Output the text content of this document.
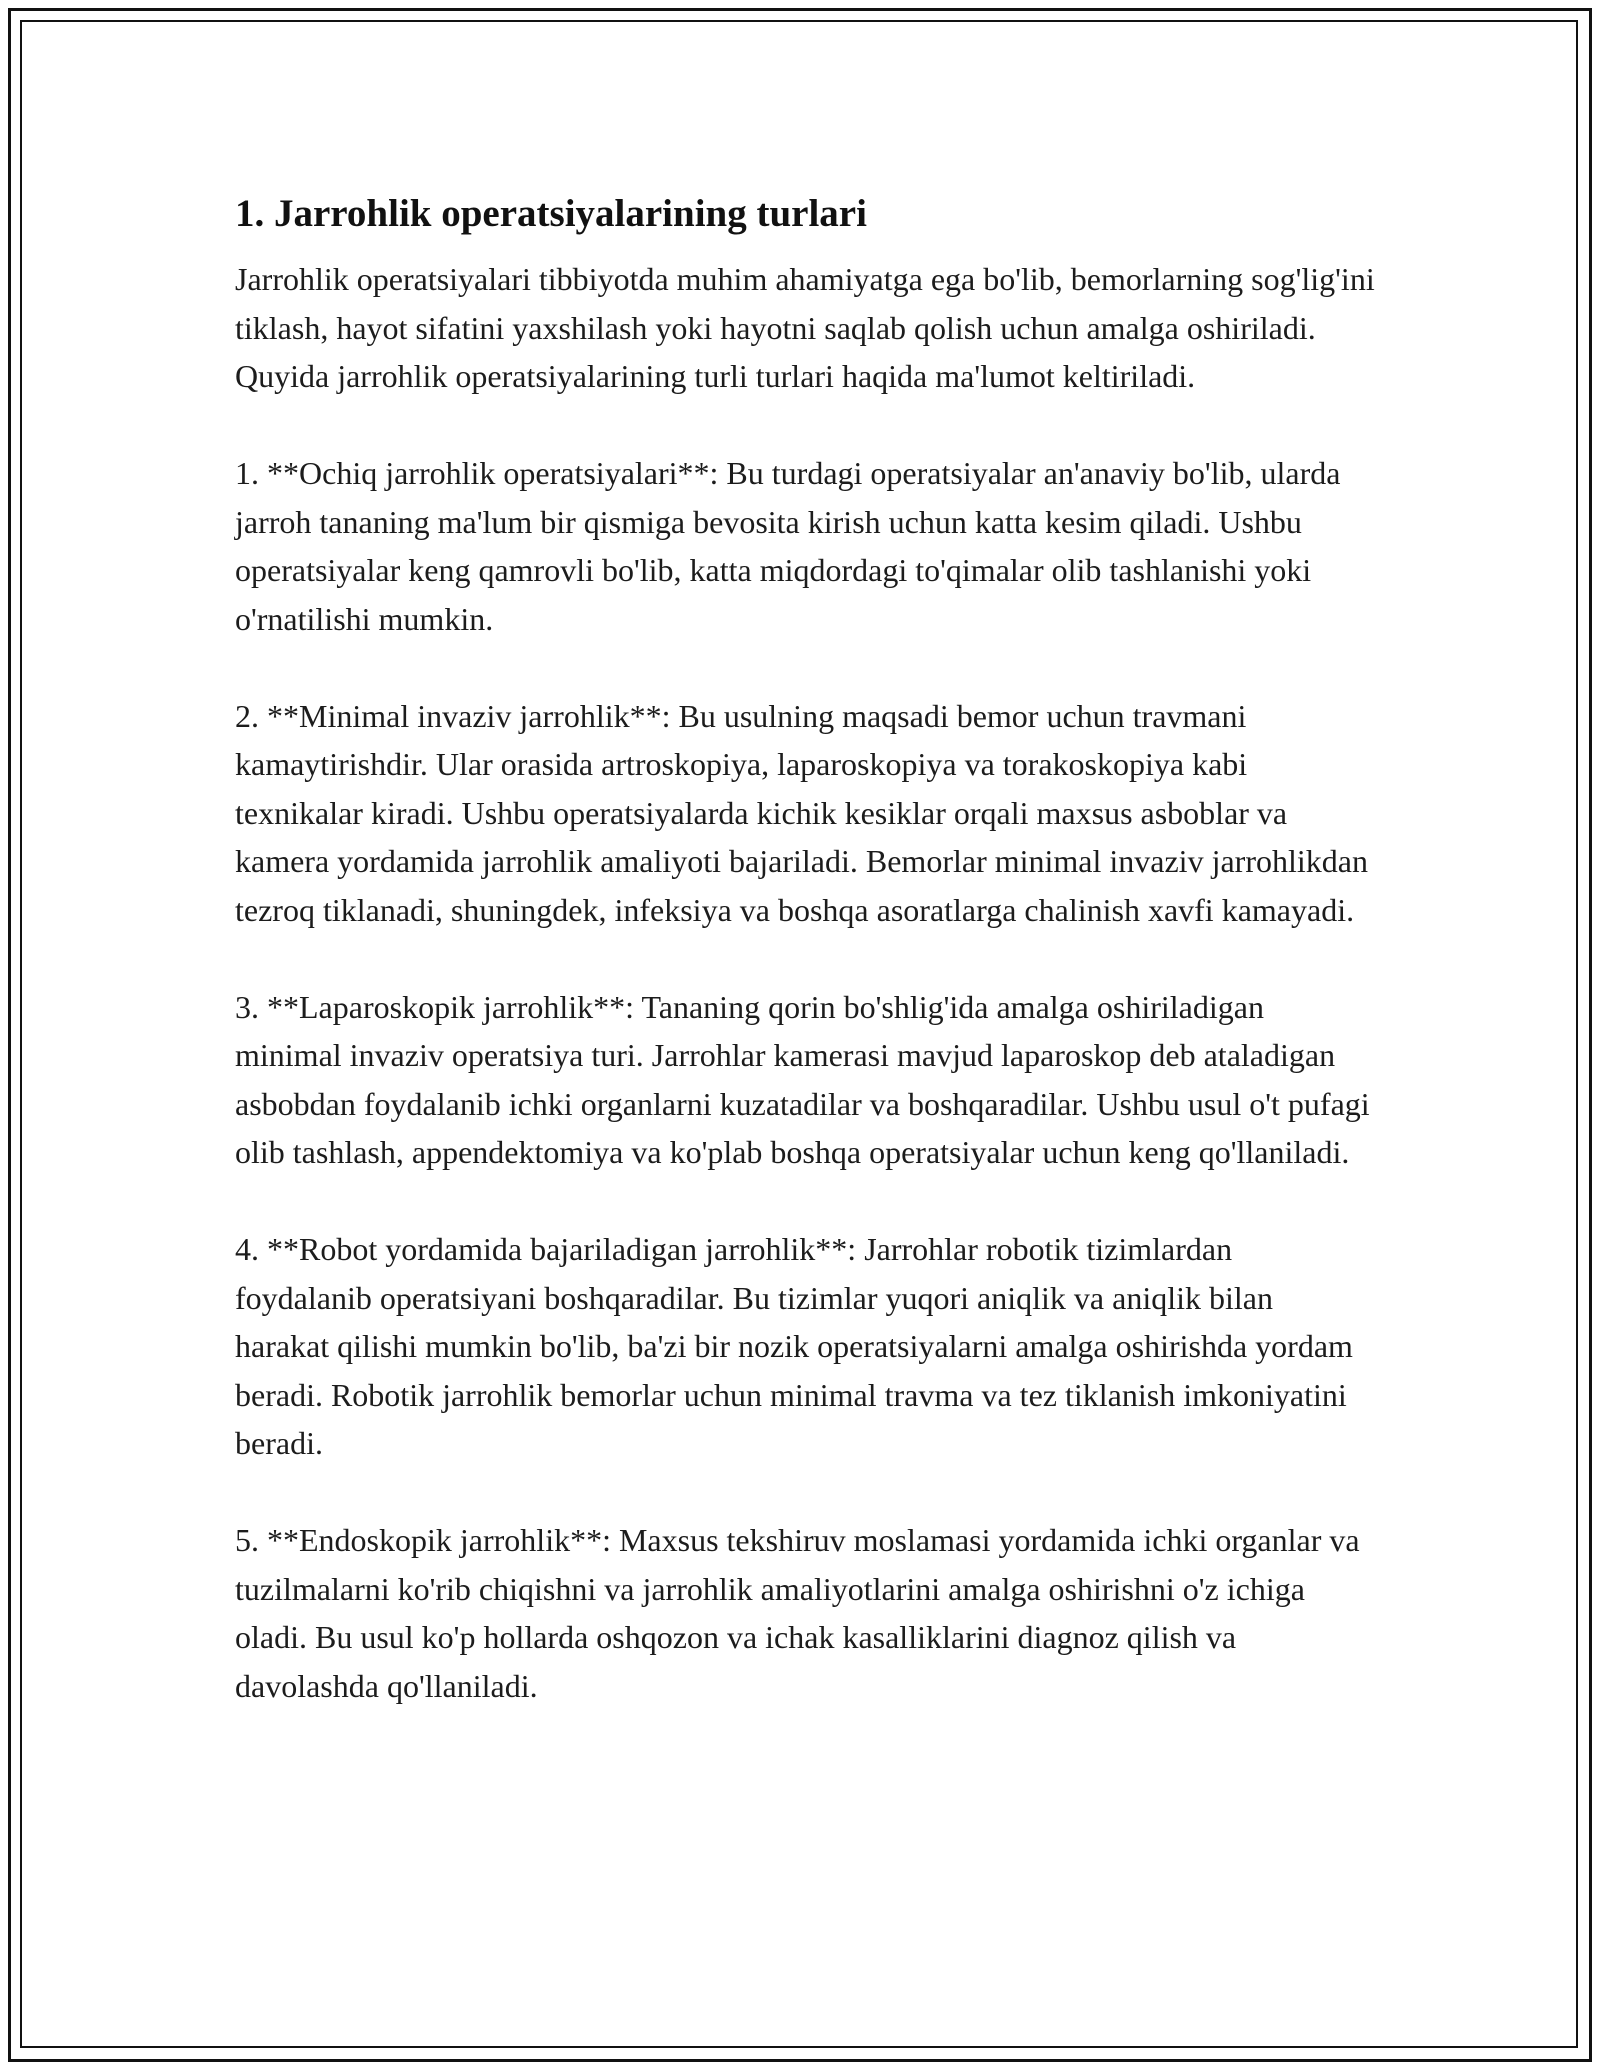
1. Jarrohlik operatsiyalarining turlari

Jarrohlik operatsiyalari tibbiyotda muhim ahamiyatga ega bo'lib, bemorlarning sog'lig'ini tiklash, hayot sifatini yaxshilash yoki hayotni saqlab qolish uchun amalga oshiriladi. Quyida jarrohlik operatsiyalarining turli turlari haqida ma'lumot keltiriladi.

1. **Ochiq jarrohlik operatsiyalari**: Bu turdagi operatsiyalar an'anaviy bo'lib, ularda jarroh tananing ma'lum bir qismiga bevosita kirish uchun katta kesim qiladi. Ushbu operatsiyalar keng qamrovli bo'lib, katta miqdordagi to'qimalar olib tashlanishi yoki o'rnatilishi mumkin.

2. **Minimal invaziv jarrohlik**: Bu usulning maqsadi bemor uchun travmani kamaytirishdir. Ular orasida artroskopiya, laparoskopiya va torakoskopiya kabi texnikalar kiradi. Ushbu operatsiyalarda kichik kesiklar orqali maxsus asboblar va kamera yordamida jarrohlik amaliyoti bajariladi. Bemorlar minimal invaziv jarrohlikdan tezroq tiklanadi, shuningdek, infeksiya va boshqa asoratlarga chalinish xavfi kamayadi.

3. **Laparoskopik jarrohlik**: Tananing qorin bo'shlig'ida amalga oshiriladigan minimal invaziv operatsiya turi. Jarrohlar kamerasi mavjud laparoskop deb ataladigan asbobdan foydalanib ichki organlarni kuzatadilar va boshqaradilar. Ushbu usul o't pufagi olib tashlash, appendektomiya va ko'plab boshqa operatsiyalar uchun keng qo'llaniladi.

4. **Robot yordamida bajariladigan jarrohlik**: Jarrohlar robotik tizimlardan foydalanib operatsiyani boshqaradilar. Bu tizimlar yuqori aniqlik va aniqlik bilan harakat qilishi mumkin bo'lib, ba'zi bir nozik operatsiyalarni amalga oshirishda yordam beradi. Robotik jarrohlik bemorlar uchun minimal travma va tez tiklanish imkoniyatini beradi.

5. **Endoskopik jarrohlik**: Maxsus tekshiruv moslamasi yordamida ichki organlar va tuzilmalarni ko'rib chiqishni va jarrohlik amaliyotlarini amalga oshirishni o'z ichiga oladi. Bu usul ko'p hollarda oshqozon va ichak kasalliklarini diagnoz qilish va davolashda qo'llaniladi.
